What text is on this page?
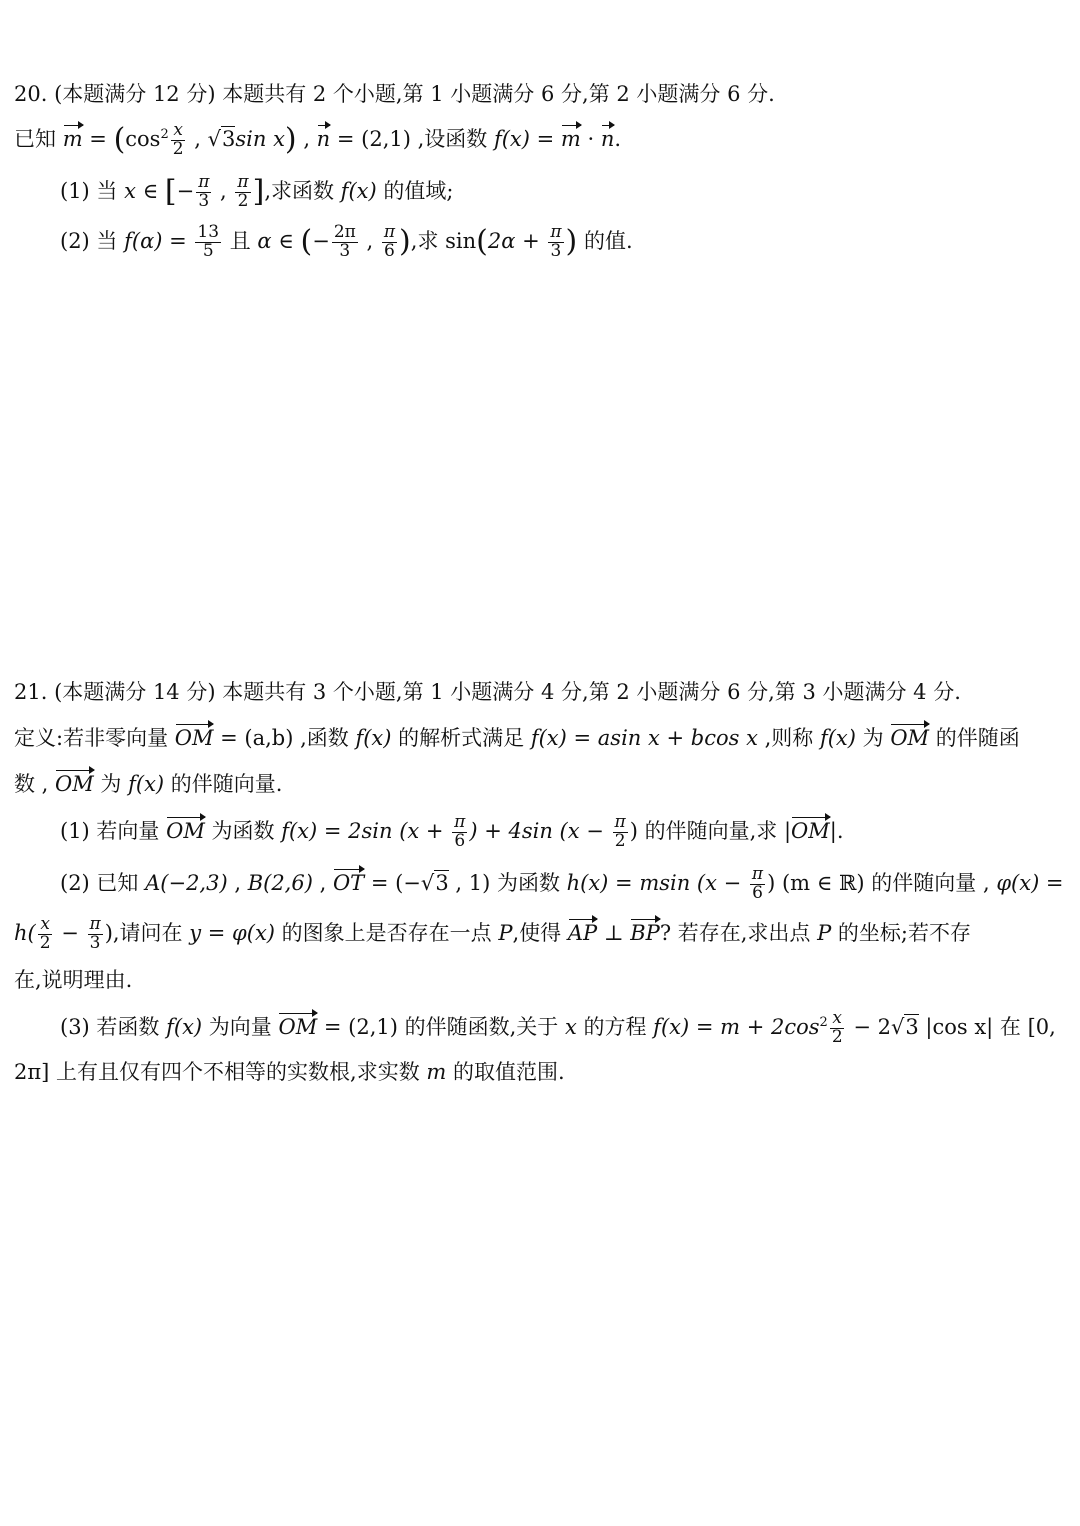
20. (本题满分 12 分) 本题共有 2 个小题,第 1 小题满分 6 分,第 2 小题满分 6 分.
已知 $m = (\cos^2 \frac{x}{2}$ , √3sin x) , n = (2,1) ,设函数 f(x) = m · n.
(1) 当 x ∈ [− $\frac{\pi}{3}$ , $\frac{\pi}{2}$ ],求函数 f(x) 的值域;
(2) 当 $f(\alpha) = \frac{13}{5}$ 且 α ∈ (− $\frac{2\pi}{3}$ , $\frac{\pi}{6}$ ),求 $\sin(2\alpha + \frac{\pi}{3}$ ) 的值.
21. (本题满分 14 分) 本题共有 3 个小题,第 1 小题满分 4 分,第 2 小题满分 6 分,第 3 小题满分 4 分.
定义:若非零向量 OM = (a,b) ,函数 f(x) 的解析式满足 f(x) = asin x + bcos x ,则称 f(x) 为 OM 的伴随函
数 , OM 为 f(x) 的伴随向量.
(1) 若向量 OM 为函数 f(x) = 2sin ($x + \frac{\pi}{6}$ ) + 4sin ($x - \frac{\pi}{2}$ ) 的伴随向量,求 |OM|.
(2) 已知 A(−2,3) , B(2,6) , OT = (−√3 , 1) 为函数 h(x) = msin ($x - \frac{\pi}{6}$ ) (m ∈ ℝ) 的伴随向量 , φ(x) =
$h( \frac{x}{2} - \frac{\pi}{3}$ ),请问在 y = φ(x) 的图象上是否存在一点 P,使得 AP ⊥ BP? 若存在,求出点 P 的坐标;若不存
在,说明理由.
(3) 若函数 f(x) 为向量 OM = (2,1) 的伴随函数,关于 x 的方程 $f(x) = m + 2\cos^2 \frac{x}{2} - 2√3$ |cos x| 在 [0,
2π] 上有且仅有四个不相等的实数根,求实数 m 的取值范围.
